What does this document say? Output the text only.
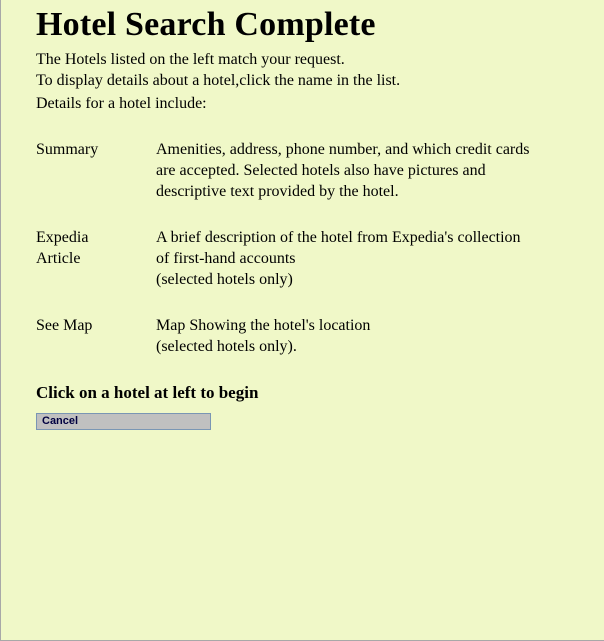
Hotel Search Complete
The Hotels listed on the left match your request.
To display details about a hotel,click the name in the list.
Details for a hotel include:
Summary	Amenities, address, phone number, and which credit cards
are accepted. Selected hotels also have pictures and
descriptive text provided by the hotel.
Expedia
Article
A brief description of the hotel from Expedia's collection
of first-hand accounts
(selected hotels only)
See Map	Map Showing the hotel's location
(selected hotels only).
Click on a hotel at left to begin
Cancel
